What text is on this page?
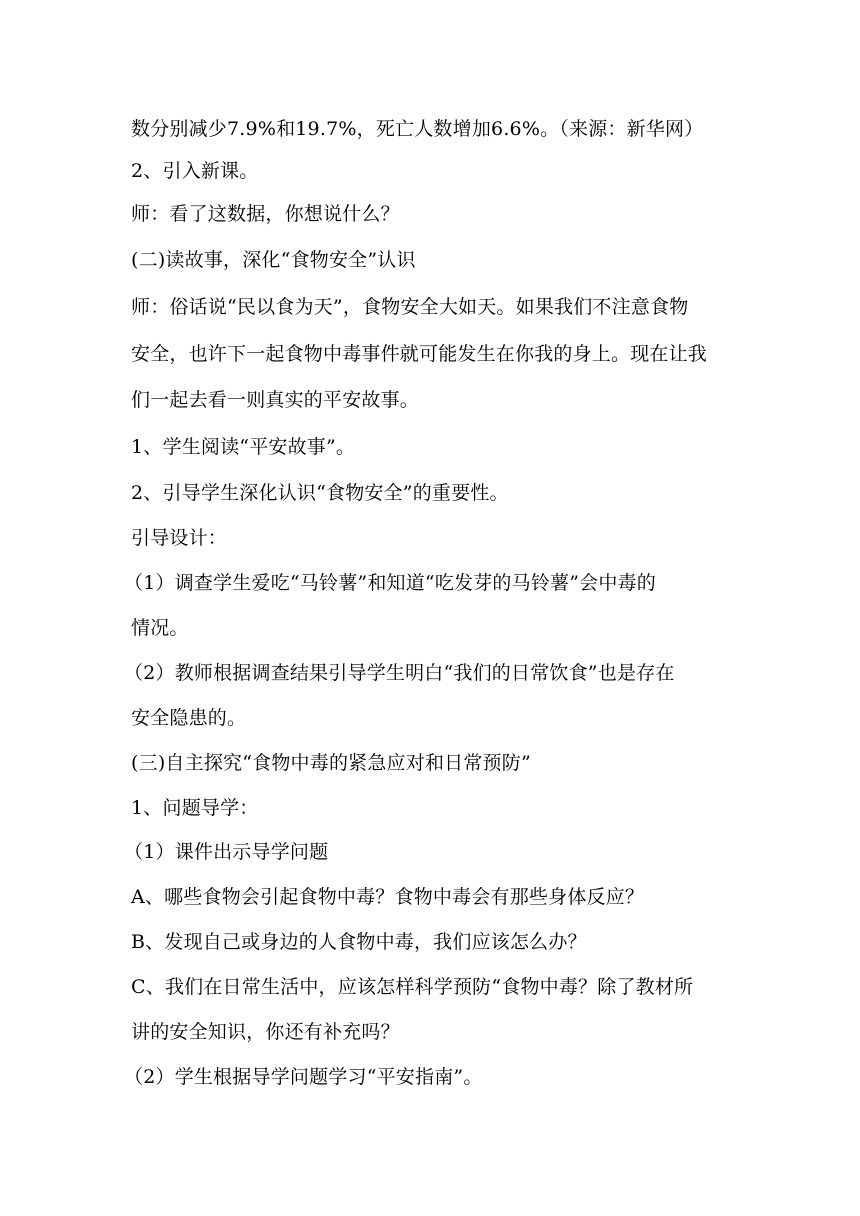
数分别减少7.9%和19.7%，死亡人数增加6.6%。（来源：新华网）
2、引入新课。
师：看了这数据，你想说什么？
(二)读故事，深化“食物安全”认识
师：俗话说“民以食为天”，食物安全大如天。如果我们不注意食物
安全，也许下一起食物中毒事件就可能发生在你我的身上。现在让我
们一起去看一则真实的平安故事。
1、学生阅读“平安故事”。
2、引导学生深化认识“食物安全”的重要性。
引导设计：
（1）调查学生爱吃“马铃薯”和知道“吃发芽的马铃薯”会中毒的
情况。
（2）教师根据调查结果引导学生明白“我们的日常饮食”也是存在
安全隐患的。
(三)自主探究“食物中毒的紧急应对和日常预防”
1、问题导学：
（1）课件出示导学问题
A、哪些食物会引起食物中毒？食物中毒会有那些身体反应？
B、发现自己或身边的人食物中毒，我们应该怎么办？
C、我们在日常生活中，应该怎样科学预防“食物中毒？除了教材所
讲的安全知识，你还有补充吗？
（2）学生根据导学问题学习“平安指南”。
